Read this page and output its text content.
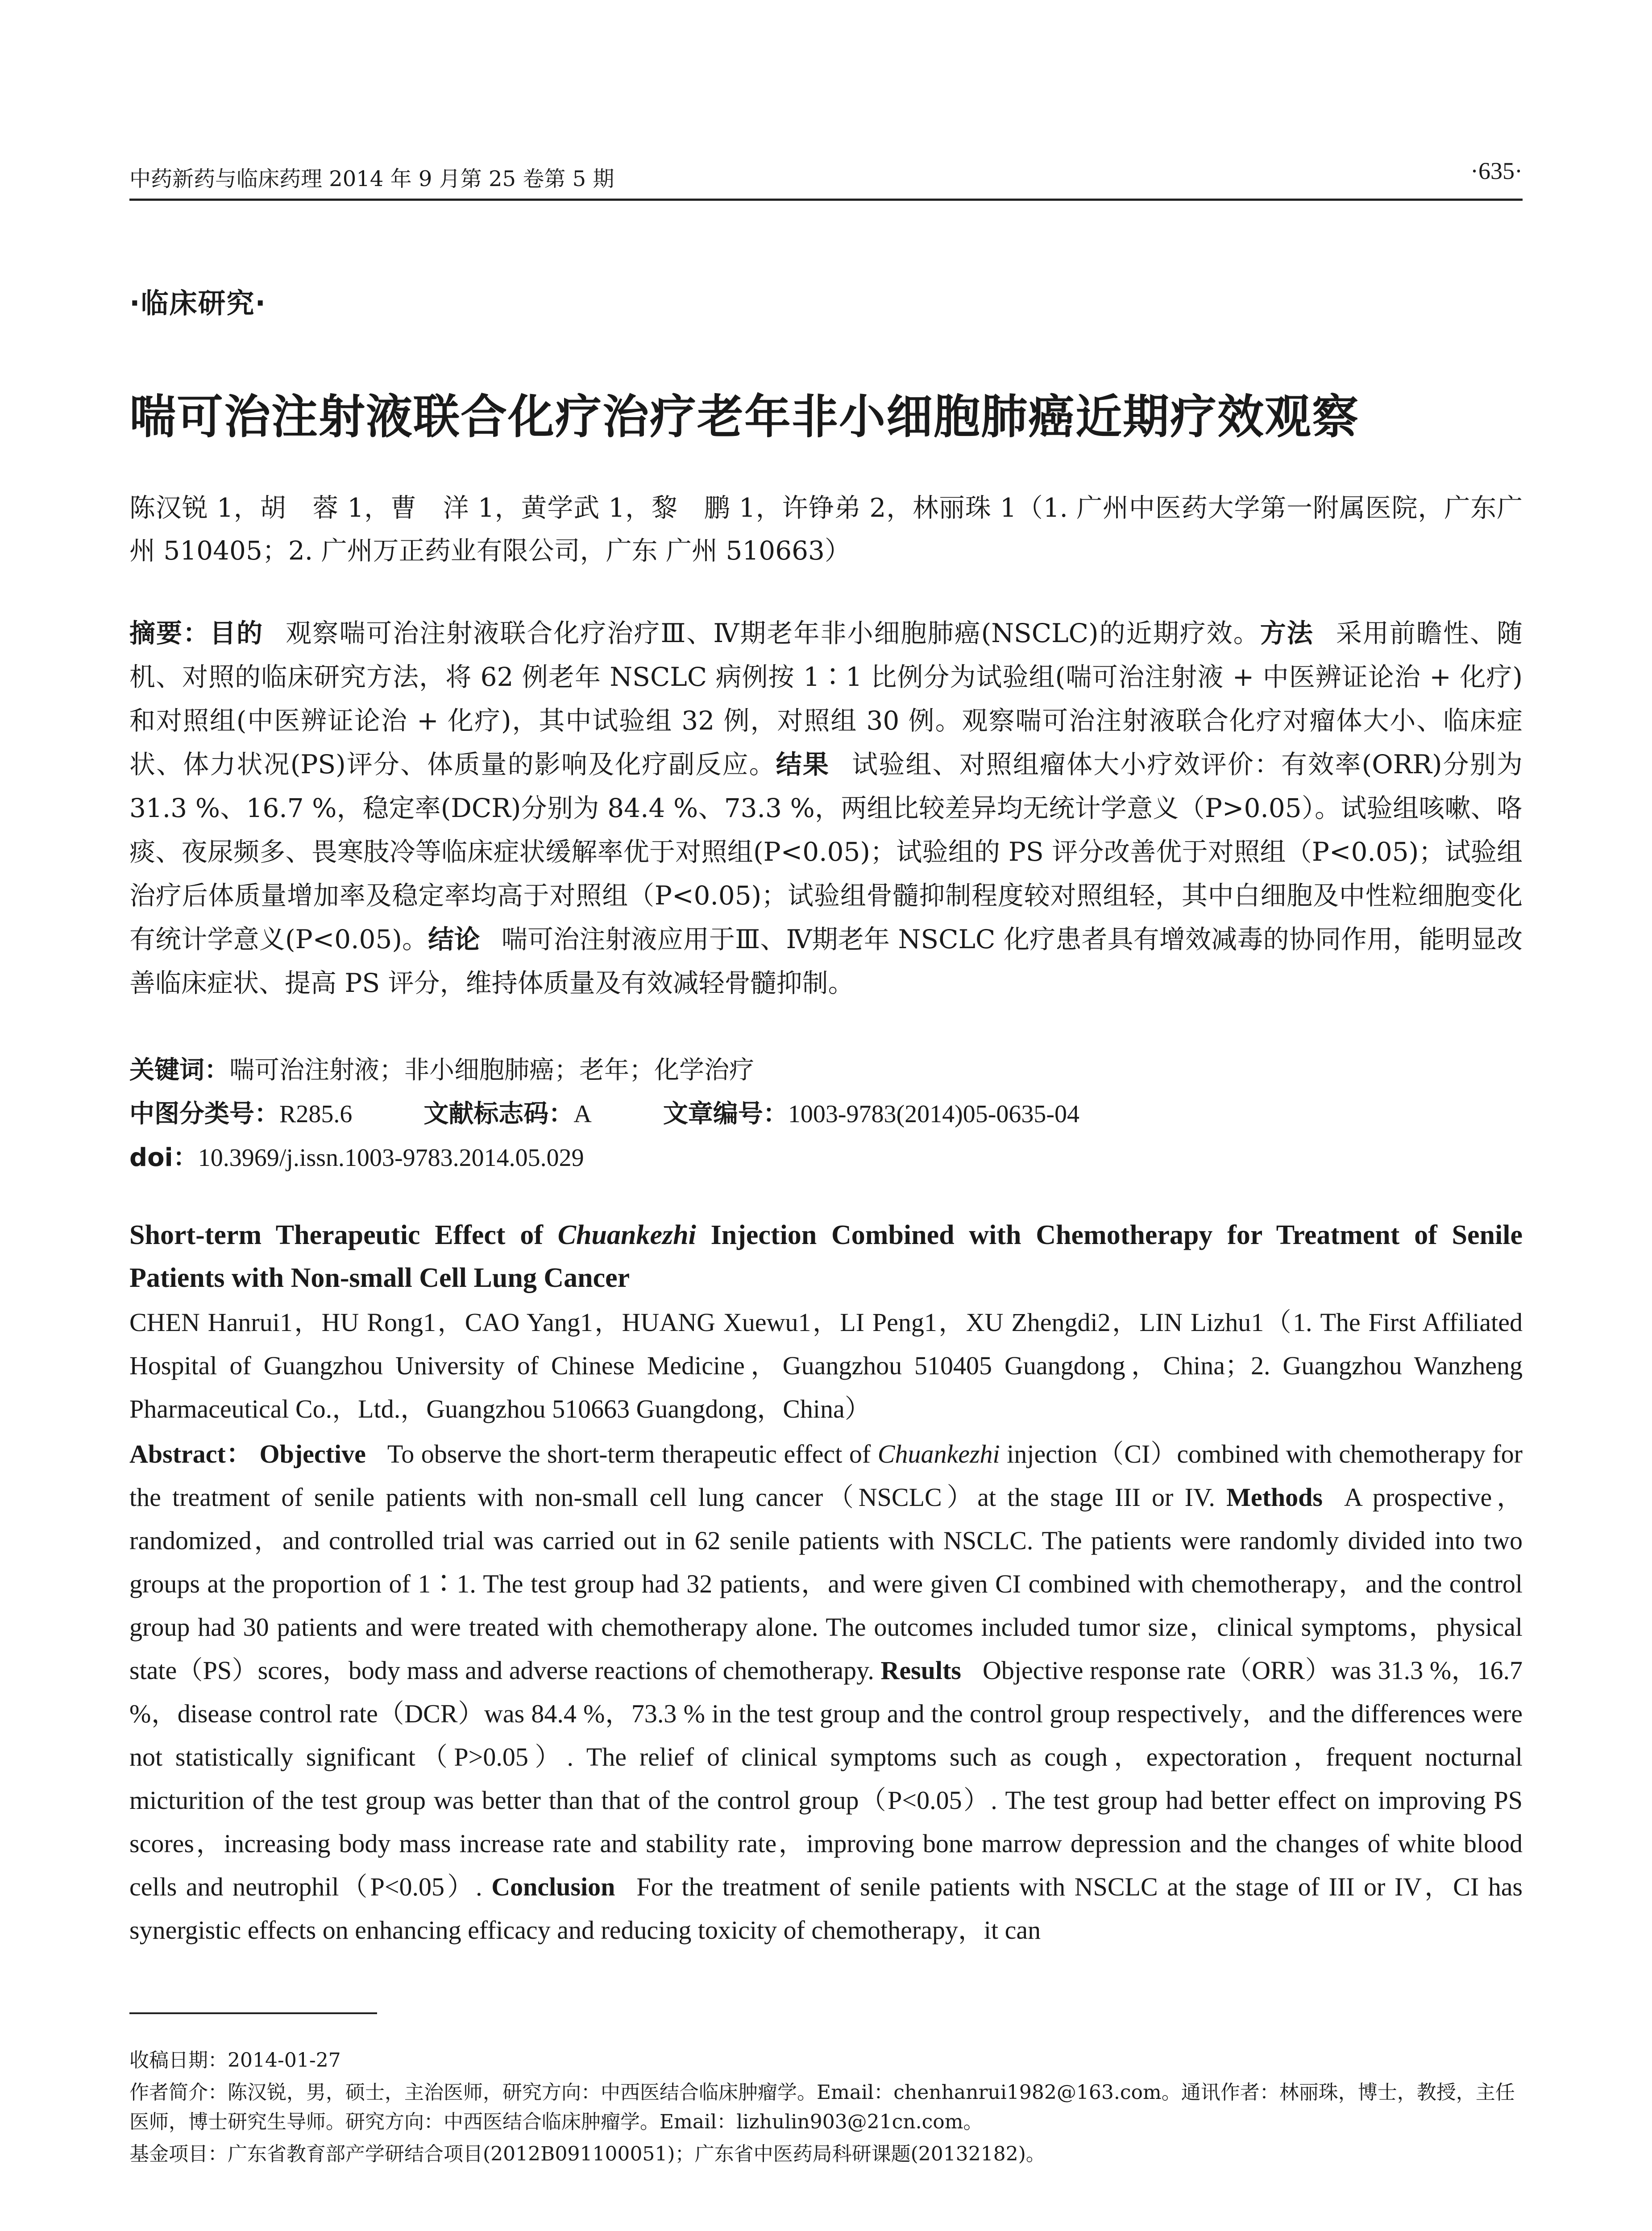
中药新药与临床药理 2014 年 9 月第 25 卷第 5 期	·635·
·临床研究·
喘可治注射液联合化疗治疗老年非小细胞肺癌近期疗效观察
陈汉锐 1，胡　蓉 1，曹　洋 1，黄学武 1，黎　鹏 1，许铮弟 2，林丽珠 1（1. 广州中医药大学第一附属医院，广东广州 510405；2. 广州万正药业有限公司，广东 广州 510663）
摘要：目的 观察喘可治注射液联合化疗治疗Ⅲ、Ⅳ期老年非小细胞肺癌(NSCLC)的近期疗效。方法 采用前瞻性、随机、对照的临床研究方法，将 62 例老年 NSCLC 病例按 1∶1 比例分为试验组(喘可治注射液 + 中医辨证论治 + 化疗)和对照组(中医辨证论治 + 化疗)，其中试验组 32 例，对照组 30 例。观察喘可治注射液联合化疗对瘤体大小、临床症状、体力状况(PS)评分、体质量的影响及化疗副反应。结果 试验组、对照组瘤体大小疗效评价：有效率(ORR)分别为 31.3 %、16.7 %，稳定率(DCR)分别为 84.4 %、73.3 %，两组比较差异均无统计学意义（P>0.05）。试验组咳嗽、咯痰、夜尿频多、畏寒肢冷等临床症状缓解率优于对照组(P<0.05)；试验组的 PS 评分改善优于对照组（P<0.05)；试验组治疗后体质量增加率及稳定率均高于对照组（P<0.05)；试验组骨髓抑制程度较对照组轻，其中白细胞及中性粒细胞变化有统计学意义(P<0.05)。结论 喘可治注射液应用于Ⅲ、Ⅳ期老年 NSCLC 化疗患者具有增效减毒的协同作用，能明显改善临床症状、提高 PS 评分，维持体质量及有效减轻骨髓抑制。
关键词：喘可治注射液；非小细胞肺癌；老年；化学治疗
中图分类号：R285.6	文献标志码：A	文章编号：1003-9783(2014)05-0635-04
doi：10.3969/j.issn.1003-9783.2014.05.029
Short-term Therapeutic Effect of Chuankezhi Injection Combined with Chemotherapy for Treatment of Senile Patients with Non-small Cell Lung Cancer
CHEN Hanrui1，HU Rong1，CAO Yang1，HUANG Xuewu1，LI Peng1，XU Zhengdi2，LIN Lizhu1（1. The First Affiliated Hospital of Guangzhou University of Chinese Medicine，Guangzhou 510405 Guangdong，China；2. Guangzhou Wanzheng Pharmaceutical Co.，Ltd.，Guangzhou 510663 Guangdong，China）
Abstract： Objective To observe the short-term therapeutic effect of Chuankezhi injection（CI）combined with chemotherapy for the treatment of senile patients with non-small cell lung cancer（NSCLC）at the stage III or IV. Methods A prospective，randomized，and controlled trial was carried out in 62 senile patients with NSCLC. The patients were randomly divided into two groups at the proportion of 1∶1. The test group had 32 patients，and were given CI combined with chemotherapy，and the control group had 30 patients and were treated with chemotherapy alone. The outcomes included tumor size，clinical symptoms，physical state（PS）scores，body mass and adverse reactions of chemotherapy. Results Objective response rate（ORR）was 31.3 %，16.7 %，disease control rate（DCR）was 84.4 %，73.3 % in the test group and the control group respectively，and the differences were not statistically significant（P>0.05）. The relief of clinical symptoms such as cough，expectoration，frequent nocturnal micturition of the test group was better than that of the control group（P<0.05）. The test group had better effect on improving PS scores，increasing body mass increase rate and stability rate，improving bone marrow depression and the changes of white blood cells and neutrophil（P<0.05）. Conclusion For the treatment of senile patients with NSCLC at the stage of III or IV，CI has synergistic effects on enhancing efficacy and reducing toxicity of chemotherapy，it can
收稿日期：2014-01-27
作者简介：陈汉锐，男，硕士，主治医师，研究方向：中西医结合临床肿瘤学。Email：chenhanrui1982@163.com。通讯作者：林丽珠，博士，教授，主任医师，博士研究生导师。研究方向：中西医结合临床肿瘤学。Email：lizhulin903@21cn.com。
基金项目：广东省教育部产学研结合项目(2012B091100051)；广东省中医药局科研课题(20132182)。
